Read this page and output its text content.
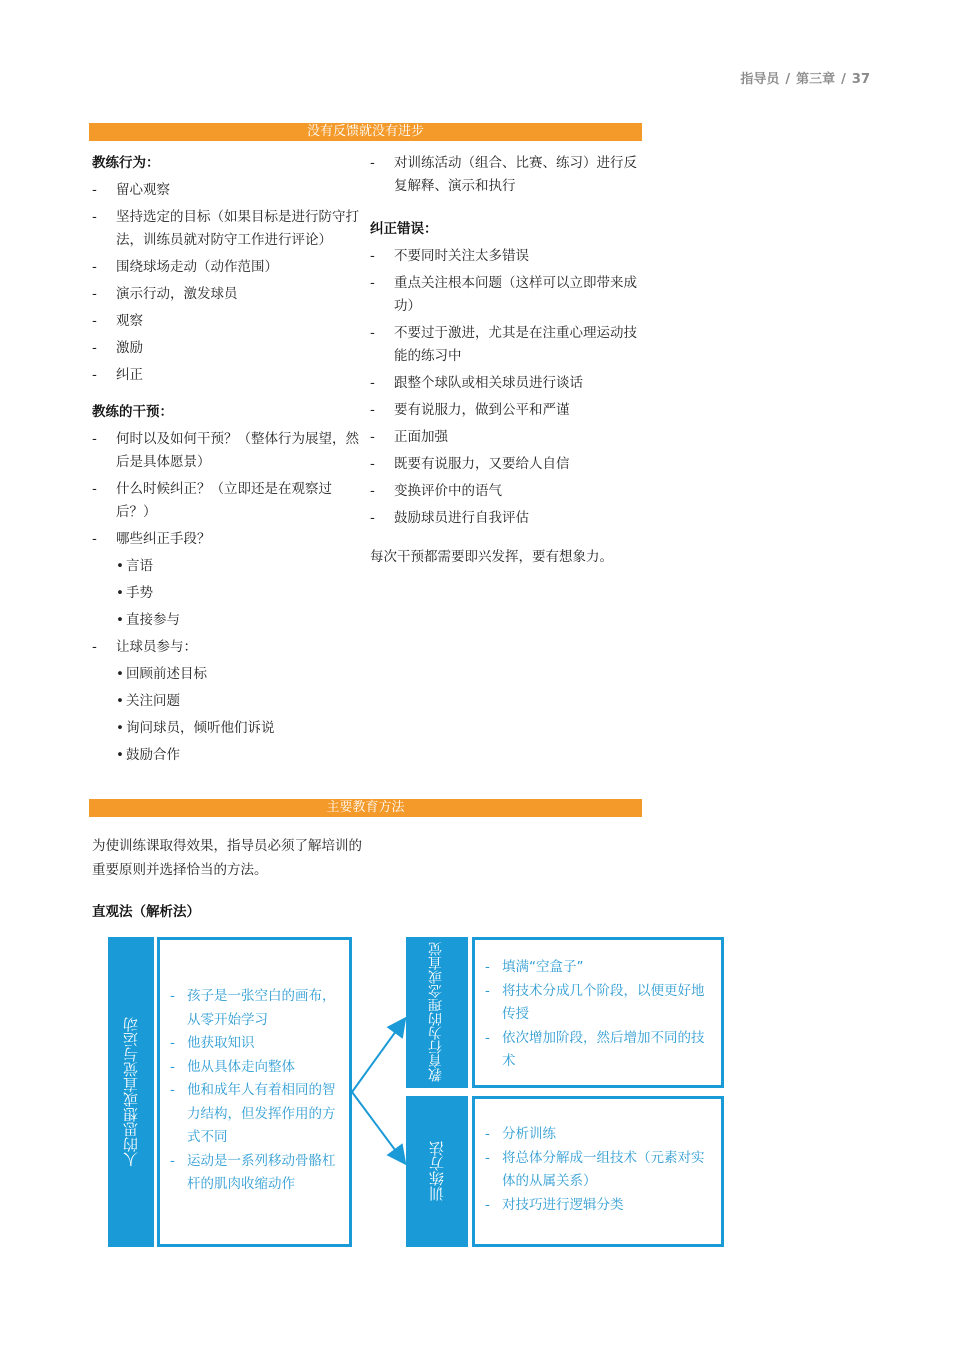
指导员 / 第三章 / 37
没有反馈就没有进步

教练行为：

- 留心观察
- 坚持选定的目标（如果目标是进行防守打法，训练员就对防守工作进行评论）
- 围绕球场走动（动作范围）
- 演示行动，激发球员
- 观察
- 激励
- 纠正

教练的干预：

- 何时以及如何干预？（整体行为展望，然后是具体愿景）
- 什么时候纠正？（立即还是在观察过后？）
- 哪些纠正手段？
• 言语
• 手势
• 直接参与
- 让球员参与：
• 回顾前述目标
• 关注问题
• 询问球员，倾听他们诉说
• 鼓励合作
- 对训练活动（组合、比赛、练习）进行反复解释、演示和执行

纠正错误：

- 不要同时关注太多错误
- 重点关注根本问题（这样可以立即带来成功）
- 不要过于激进，尤其是在注重心理运动技能的练习中
- 跟整个球队或相关球员进行谈话
- 要有说服力，做到公平和严谨
- 正面加强
- 既要有说服力，又要给人自信
- 变换评价中的语气
- 鼓励球员进行自我评估

每次干预都需要即兴发挥，要有想象力。

主要教育方法
为使训练课取得效果，指导员必须了解培训的重要原则并选择恰当的方法。
直观法（解析法）
人的思想或直觉与运动
- 孩子是一张空白的画布，从零开始学习
- 他获取知识
- 他从具体走向整体
- 他和成年人有着相同的智力结构，但发挥作用的方式不同
- 运动是一系列移动骨骼杠杆的肌肉收缩动作
教育行为的理念或直觉
-	填满“空盒子”
- 将技术分成几个阶段，以便更好地传授
- 依次增加阶段，然后增加不同的技术
训练方法
- 分析训练
- 将总体分解成一组技术（元素对实体的从属关系）
- 对技巧进行逻辑分类
